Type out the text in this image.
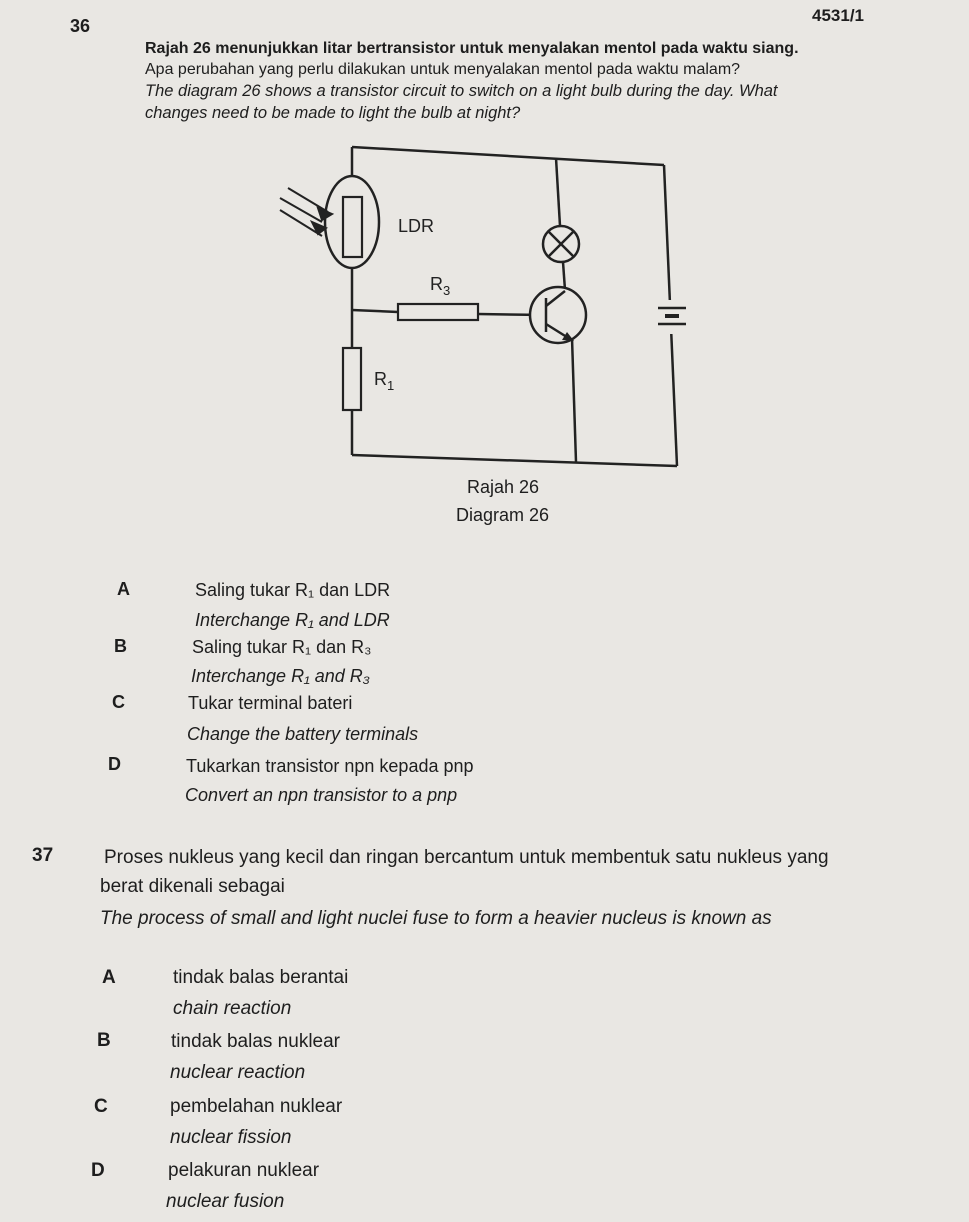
4531/1
36
Rajah 26 menunjukkan litar bertransistor untuk menyalakan mentol pada waktu siang.
Apa perubahan yang perlu dilakukan untuk menyalakan mentol pada waktu malam?
The diagram 26 shows a transistor circuit to switch on a light bulb during the day. What
changes need to be made to light the bulb at night?
LDR
$R_3$
$R_1$
Rajah 26
Diagram 26
A	Saling tukar R₁ dan LDR
Interchange R₁ and LDR
B	Saling tukar R₁ dan R₃
Interchange R₁ and R₃
C	Tukar terminal bateri
Change the battery terminals
D	Tukarkan transistor npn kepada pnp
Convert an npn transistor to a pnp
37	Proses nukleus yang kecil dan ringan bercantum untuk membentuk satu nukleus yang
berat dikenali sebagai
The process of small and light nuclei fuse to form a heavier nucleus is known as
A	tindak balas berantai
chain reaction
B	tindak balas nuklear
nuclear reaction
C	pembelahan nuklear
nuclear fission
D	pelakuran nuklear
nuclear fusion
